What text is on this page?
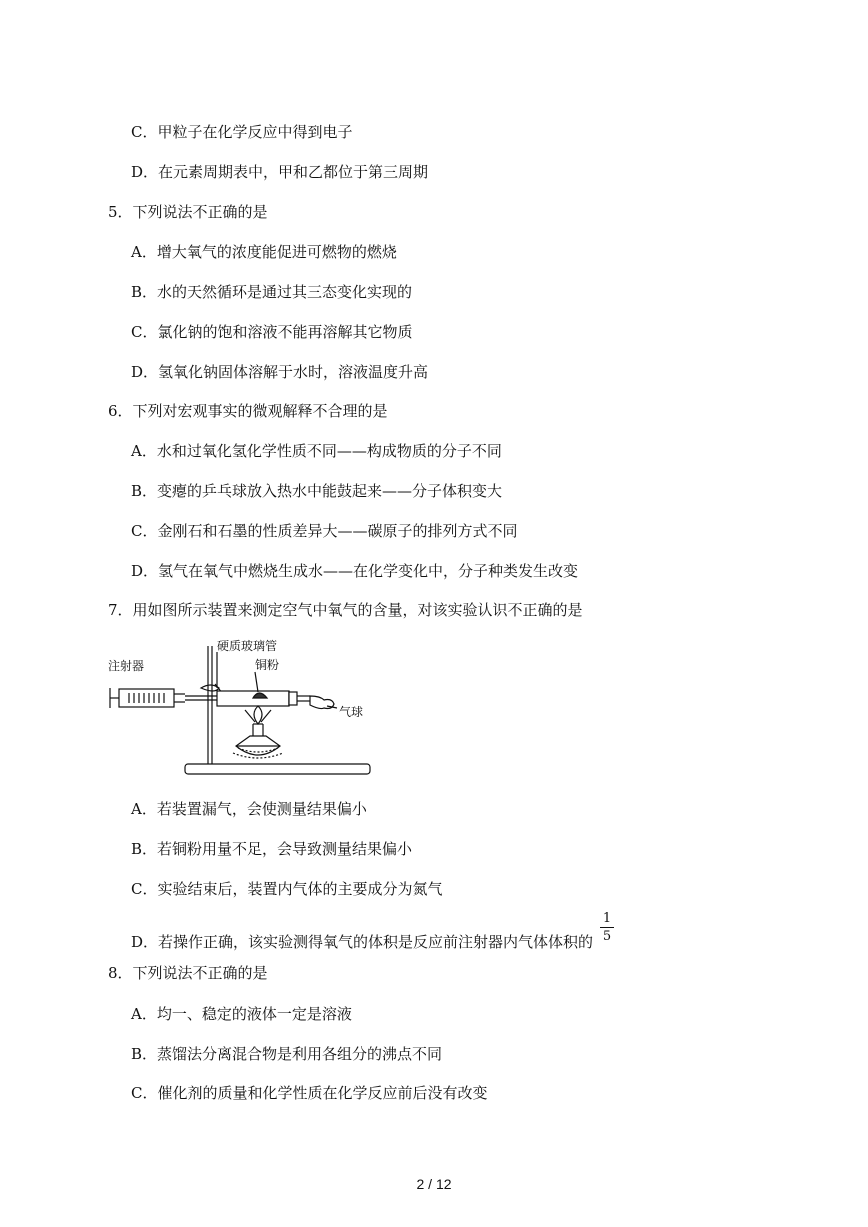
C．甲粒子在化学反应中得到电子
D．在元素周期表中，甲和乙都位于第三周期
5．下列说法不正确的是
A．增大氧气的浓度能促进可燃物的燃烧
B．水的天然循环是通过其三态变化实现的
C．氯化钠的饱和溶液不能再溶解其它物质
D．氢氧化钠固体溶解于水时，溶液温度升高
6．下列对宏观事实的微观解释不合理的是
A．水和过氧化氢化学性质不同——构成物质的分子不同
B．变瘪的乒乓球放入热水中能鼓起来——分子体积变大
C．金刚石和石墨的性质差异大——碳原子的排列方式不同
D．氢气在氧气中燃烧生成水——在化学变化中，分子种类发生改变
7．用如图所示装置来测定空气中氧气的含量，对该实验认识不正确的是
A．若装置漏气，会使测量结果偏小
B．若铜粉用量不足，会导致测量结果偏小
C．实验结束后，装置内气体的主要成分为氮气
D．若操作正确，该实验测得氧气的体积是反应前注射器内气体体积的
8．下列说法不正确的是
A．均一、稳定的液体一定是溶液
B．蒸馏法分离混合物是利用各组分的沸点不同
C．催化剂的质量和化学性质在化学反应前后没有改变
1
5
注射器
硬质玻璃管
铜粉
气球
2 / 12
